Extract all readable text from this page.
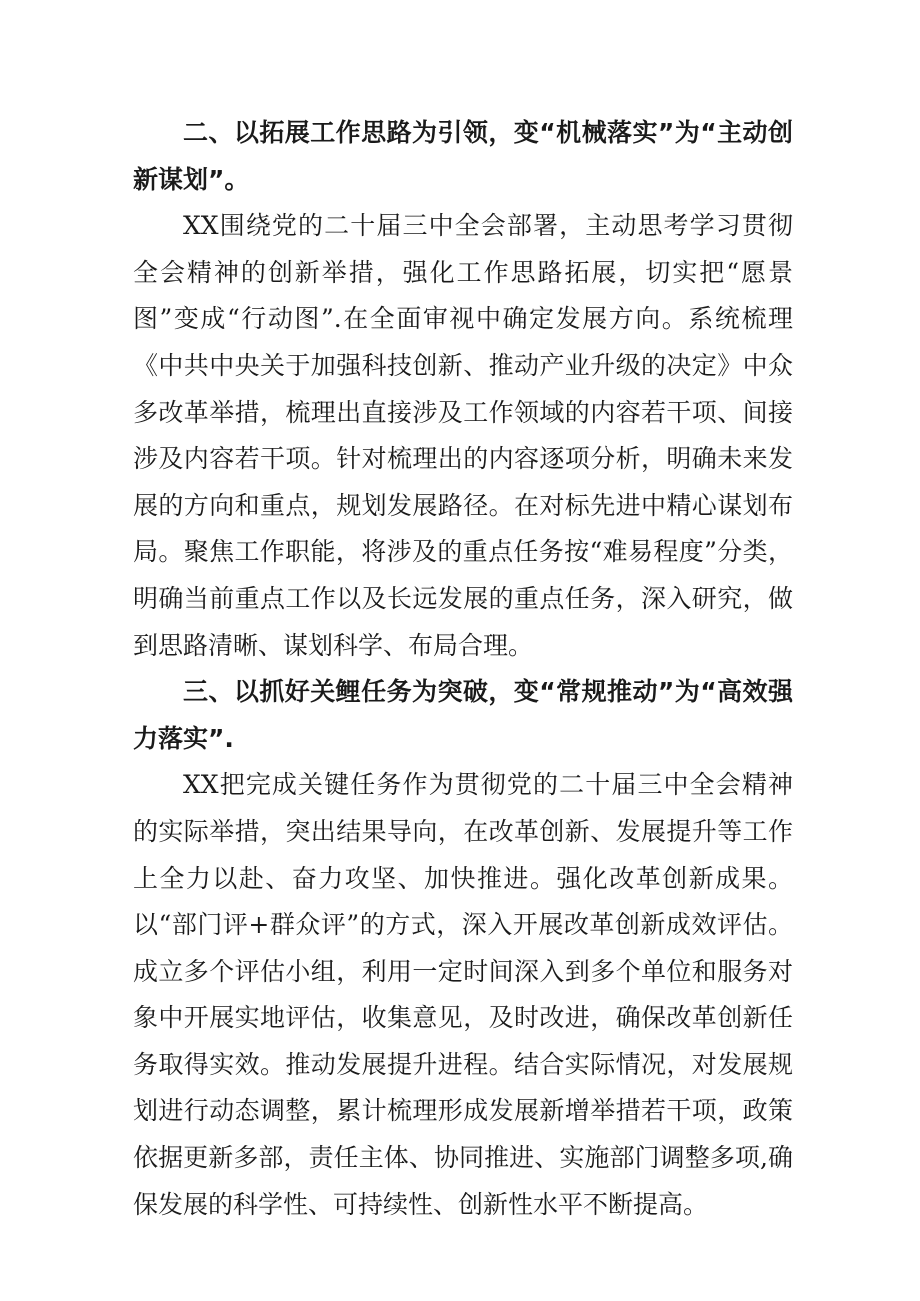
二、以拓展工作思路为引领，变“机械落实”为“主动创新谋划”。

XX围绕党的二十届三中全会部署，主动思考学习贯彻全会精神的创新举措，强化工作思路拓展，切实把“愿景图”变成“行动图”.在全面审视中确定发展方向。系统梳理《中共中央关于加强科技创新、推动产业升级的决定》中众多改革举措，梳理出直接涉及工作领域的内容若干项、间接涉及内容若干项。针对梳理出的内容逐项分析，明确未来发展的方向和重点，规划发展路径。在对标先进中精心谋划布局。聚焦工作职能，将涉及的重点任务按“难易程度”分类，明确当前重点工作以及长远发展的重点任务，深入研究，做到思路清晰、谋划科学、布局合理。

三、以抓好关鲤任务为突破，变“常规推动”为“高效强力落实”.

XX把完成关键任务作为贯彻党的二十届三中全会精神的实际举措，突出结果导向，在改革创新、发展提升等工作上全力以赴、奋力攻坚、加快推进。强化改革创新成果。以“部门评+群众评”的方式，深入开展改革创新成效评估。成立多个评估小组，利用一定时间深入到多个单位和服务对象中开展实地评估，收集意见，及时改进，确保改革创新任务取得实效。推动发展提升进程。结合实际情况，对发展规划进行动态调整，累计梳理形成发展新增举措若干项，政策依据更新多部，责任主体、协同推进、实施部门调整多项,确保发展的科学性、可持续性、创新性水平不断提高。
